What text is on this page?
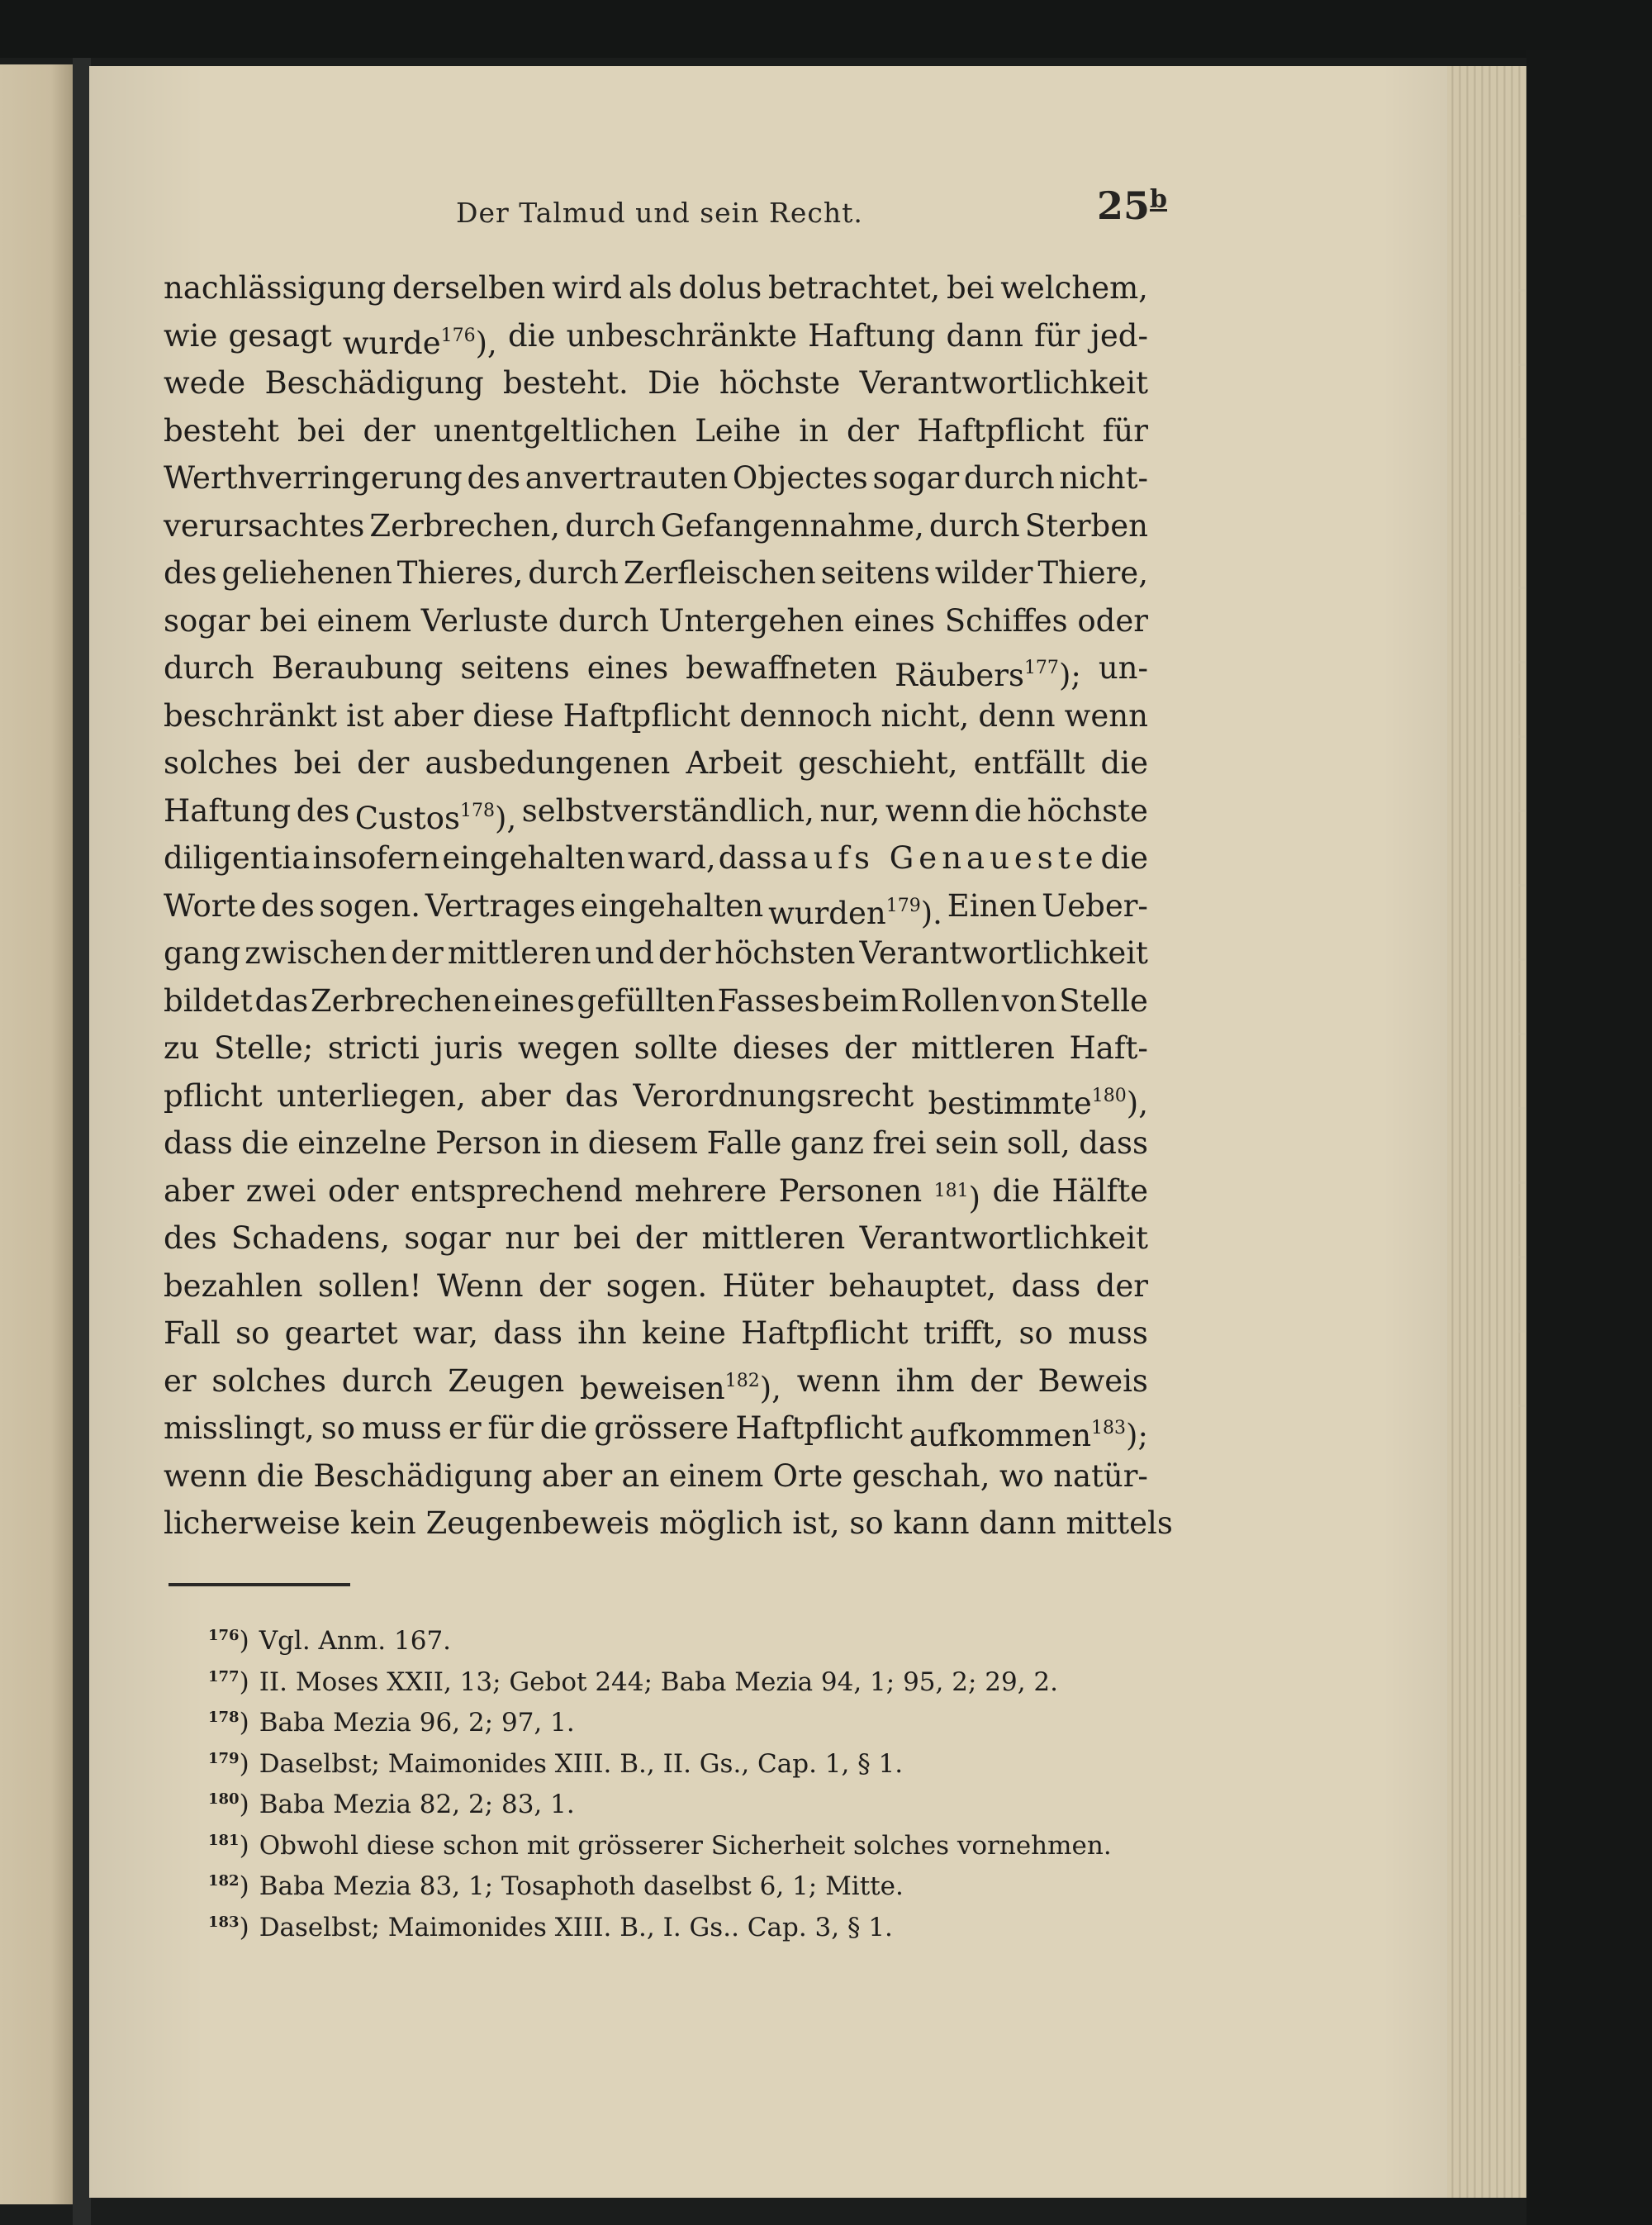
Der Talmud und sein Recht.	25$^b$
nachlässigung derselben wird als dolus betrachtet, bei welchem,
wie gesagt wurde$^{176}$), die unbeschränkte Haftung dann für jed-
wede Beschädigung besteht. Die höchste Verantwortlichkeit
besteht bei der unentgeltlichen Leihe in der Haftpflicht für
Werthverringerung des anvertrauten Objectes sogar durch nicht-
verursachtes Zerbrechen, durch Gefangennahme, durch Sterben
des geliehenen Thieres, durch Zerfleischen seitens wilder Thiere,
sogar bei einem Verluste durch Untergehen eines Schiffes oder
durch Beraubung seitens eines bewaffneten Räubers$^{177}$); un-
beschränkt ist aber diese Haftpflicht dennoch nicht, denn wenn
solches bei der ausbedungenen Arbeit geschieht, entfällt die
Haftung des Custos$^{178}$), selbstverständlich, nur, wenn die höchste
diligentia insofern eingehalten ward, dass aufs Genaueste die
Worte des sogen. Vertrages eingehalten wurden$^{179}$). Einen Ueber-
gang zwischen der mittleren und der höchsten Verantwortlichkeit
bildet das Zerbrechen eines gefüllten Fasses beim Rollen von Stelle
zu Stelle; stricti juris wegen sollte dieses der mittleren Haft-
pflicht unterliegen, aber das Verordnungsrecht bestimmte$^{180}$),
dass die einzelne Person in diesem Falle ganz frei sein soll, dass
aber zwei oder entsprechend mehrere Personen $^{181}$) die Hälfte
des Schadens, sogar nur bei der mittleren Verantwortlichkeit
bezahlen sollen! Wenn der sogen. Hüter behauptet, dass der
Fall so geartet war, dass ihn keine Haftpflicht trifft, so muss
er solches durch Zeugen beweisen$^{182}$), wenn ihm der Beweis
misslingt, so muss er für die grössere Haftpflicht aufkommen$^{183}$);
wenn die Beschädigung aber an einem Orte geschah, wo natür-
licherweise kein Zeugenbeweis möglich ist, so kann dann mittels
$^{176}$) Vgl. Anm. 167.
$^{177}$) II. Moses XXII, 13; Gebot 244; Baba Mezia 94, 1; 95, 2; 29, 2.
$^{178}$) Baba Mezia 96, 2; 97, 1.
$^{179}$) Daselbst; Maimonides XIII. B., II. Gs., Cap. 1, § 1.
$^{180}$) Baba Mezia 82, 2; 83, 1.
$^{181}$) Obwohl diese schon mit grösserer Sicherheit solches vornehmen.
$^{182}$) Baba Mezia 83, 1; Tosaphoth daselbst 6, 1; Mitte.
$^{183}$) Daselbst; Maimonides XIII. B., I. Gs.. Cap. 3, § 1.
